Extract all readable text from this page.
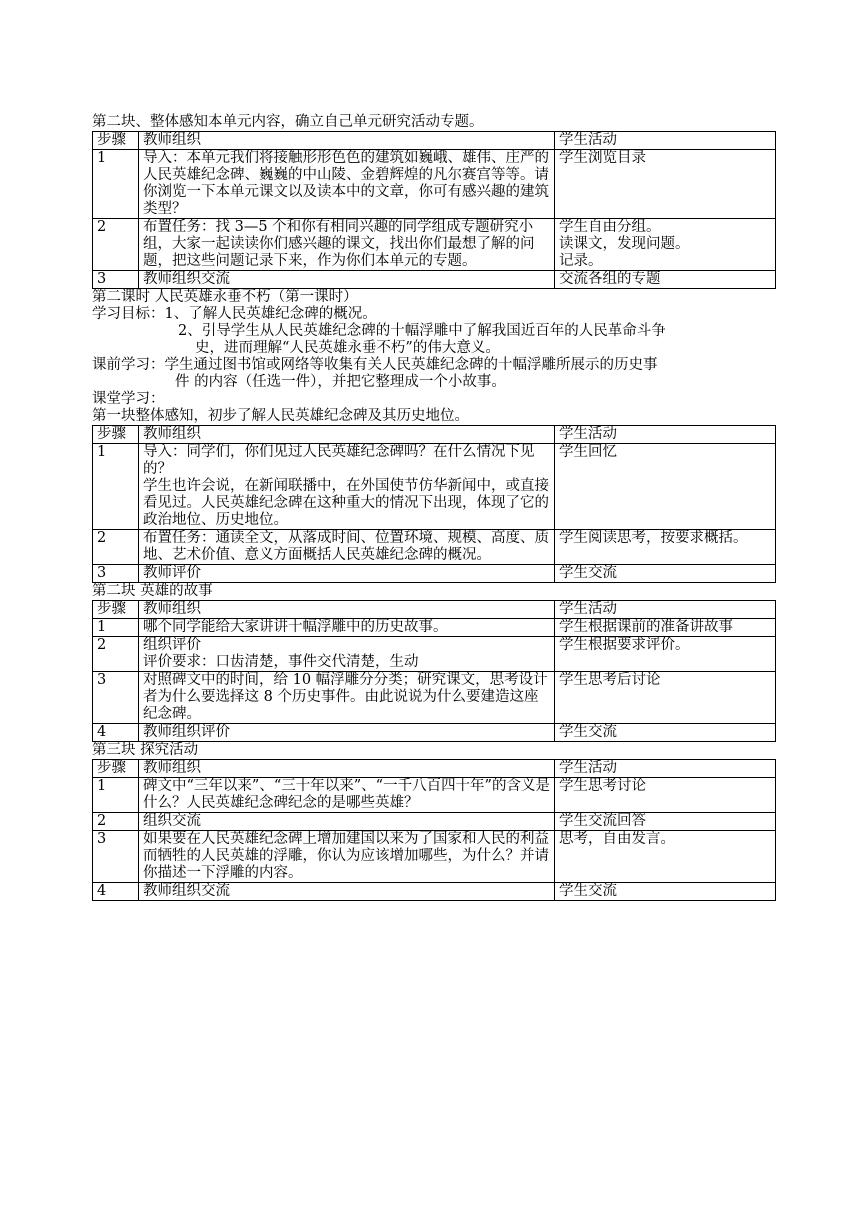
第二块、整体感知本单元内容，确立自己单元研究活动专题。
步骤	教师组织	学生活动
1	导入：本单元我们将接触形形色色的建筑如巍峨、雄伟、庄严的人民英雄纪念碑、巍巍的中山陵、金碧辉煌的凡尔赛宫等等。请你浏览一下本单元课文以及读本中的文章，你可有感兴趣的建筑类型？	学生浏览目录
2	布置任务：找 3—5 个和你有相同兴趣的同学组成专题研究小组，大家一起读读你们感兴趣的课文，找出你们最想了解的问题，把这些问题记录下来，作为你们本单元的专题。	学生自由分组。
读课文，发现问题。
记录。
3	教师组织交流	交流各组的专题
第二课时 人民英雄永垂不朽（第一课时）
学习目标：1、了解人民英雄纪念碑的概况。
2、引导学生从人民英雄纪念碑的十幅浮雕中了解我国近百年的人民革命斗争
史，进而理解“人民英雄永垂不朽”的伟大意义。
课前学习：学生通过图书馆或网络等收集有关人民英雄纪念碑的十幅浮雕所展示的历史事
件 的内容（任选一件），并把它整理成一个小故事。
课堂学习：
第一块整体感知，初步了解人民英雄纪念碑及其历史地位。
步骤	教师组织	学生活动
1	导入：同学们，你们见过人民英雄纪念碑吗？在什么情况下见的？
学生也许会说，在新闻联播中，在外国使节仿华新闻中，或直接看见过。人民英雄纪念碑在这种重大的情况下出现，体现了它的政治地位、历史地位。	学生回忆
2	布置任务：通读全文，从落成时间、位置环境、规模、高度、质地、艺术价值、意义方面概括人民英雄纪念碑的概况。	学生阅读思考，按要求概括。
3	教师评价	学生交流
第二块 英雄的故事
步骤	教师组织	学生活动
1	哪个同学能给大家讲讲十幅浮雕中的历史故事。	学生根据课前的准备讲故事
2	组织评价
评价要求：口齿清楚，事件交代清楚，生动	学生根据要求评价。
3	对照碑文中的时间，给 10 幅浮雕分分类；研究课文，思考设计者为什么要选择这 8 个历史事件。由此说说为什么要建造这座纪念碑。	学生思考后讨论
4	教师组织评价	学生交流
第三块 探究活动
步骤	教师组织	学生活动
1	碑文中“三年以来”、“三十年以来”、“一千八百四十年”的含义是什么？人民英雄纪念碑纪念的是哪些英雄？	学生思考讨论
2	组织交流	学生交流回答
3	如果要在人民英雄纪念碑上增加建国以来为了国家和人民的利益而牺牲的人民英雄的浮雕，你认为应该增加哪些，为什么？并请你描述一下浮雕的内容。	思考，自由发言。
4	教师组织交流	学生交流
